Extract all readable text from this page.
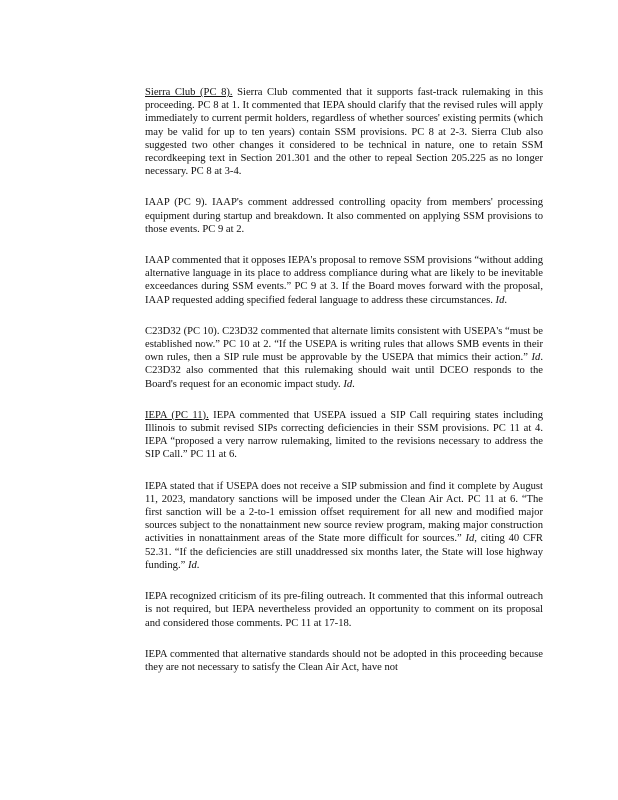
Sierra Club (PC 8). Sierra Club commented that it supports fast-track rulemaking in this proceeding. PC 8 at 1. It commented that IEPA should clarify that the revised rules will apply immediately to current permit holders, regardless of whether sources' existing permits (which may be valid for up to ten years) contain SSM provisions. PC 8 at 2-3. Sierra Club also suggested two other changes it considered to be technical in nature, one to retain SSM recordkeeping text in Section 201.301 and the other to repeal Section 205.225 as no longer necessary. PC 8 at 3-4.

IAAP (PC 9). IAAP's comment addressed controlling opacity from members' processing equipment during startup and breakdown. It also commented on applying SSM provisions to those events. PC 9 at 2.

IAAP commented that it opposes IEPA's proposal to remove SSM provisions “without adding alternative language in its place to address compliance during what are likely to be inevitable exceedances during SSM events.” PC 9 at 3. If the Board moves forward with the proposal, IAAP requested adding specified federal language to address these circumstances. Id.

C23D32 (PC 10). C23D32 commented that alternate limits consistent with USEPA's “must be established now.” PC 10 at 2. “If the USEPA is writing rules that allows SMB events in their own rules, then a SIP rule must be approvable by the USEPA that mimics their action.” Id. C23D32 also commented that this rulemaking should wait until DCEO responds to the Board's request for an economic impact study. Id.

IEPA (PC 11). IEPA commented that USEPA issued a SIP Call requiring states including Illinois to submit revised SIPs correcting deficiencies in their SSM provisions. PC 11 at 4. IEPA “proposed a very narrow rulemaking, limited to the revisions necessary to address the SIP Call.” PC 11 at 6.

IEPA stated that if USEPA does not receive a SIP submission and find it complete by August 11, 2023, mandatory sanctions will be imposed under the Clean Air Act. PC 11 at 6. “The first sanction will be a 2-to-1 emission offset requirement for all new and modified major sources subject to the nonattainment new source review program, making major construction activities in nonattainment areas of the State more difficult for sources.” Id, citing 40 CFR 52.31. “If the deficiencies are still unaddressed six months later, the State will lose highway funding.” Id.

IEPA recognized criticism of its pre-filing outreach. It commented that this informal outreach is not required, but IEPA nevertheless provided an opportunity to comment on its proposal and considered those comments. PC 11 at 17-18.

IEPA commented that alternative standards should not be adopted in this proceeding because they are not necessary to satisfy the Clean Air Act, have not
